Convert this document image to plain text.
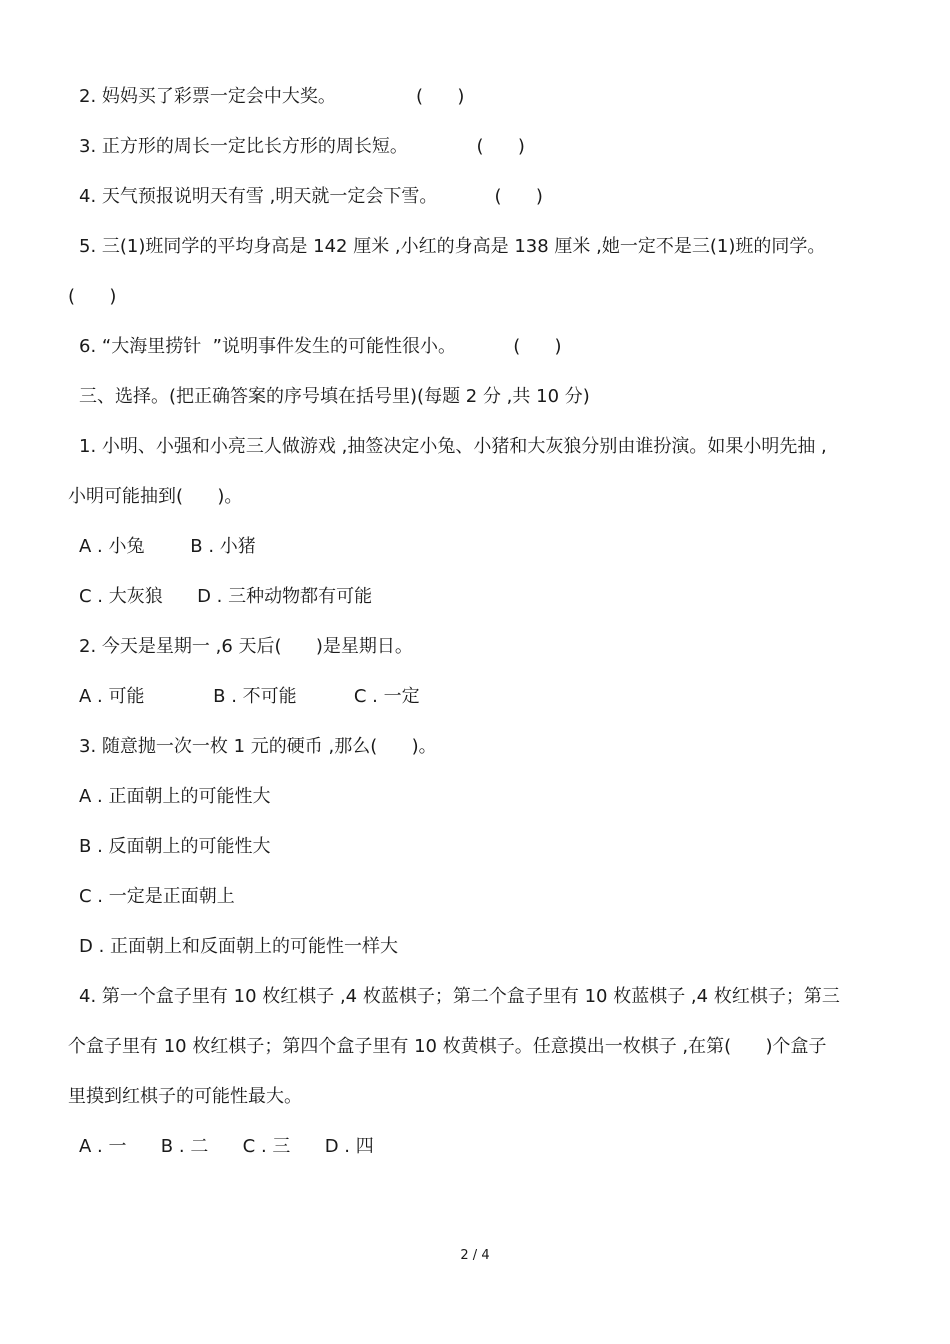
2. 妈妈买了彩票一定会中大奖。              (      )
3. 正方形的周长一定比长方形的周长短。            (      )
4. 天气预报说明天有雪 ,明天就一定会下雪。          (      )
5. 三(1)班同学的平均身高是 142 厘米 ,小红的身高是 138 厘米 ,她一定不是三(1)班的同学。
(      )
6. “大海里捞针  ”说明事件发生的可能性很小。          (      )
三、选择。(把正确答案的序号填在括号里)(每题 2 分 ,共 10 分)
1. 小明、小强和小亮三人做游戏 ,抽签决定小兔、小猪和大灰狼分别由谁扮演。如果小明先抽 ,
小明可能抽到(      )。
A . 小兔        B . 小猪
C . 大灰狼      D . 三种动物都有可能
2. 今天是星期一 ,6 天后(      )是星期日。
A . 可能            B . 不可能          C . 一定
3. 随意抛一次一枚 1 元的硬币 ,那么(      )。
A . 正面朝上的可能性大
B . 反面朝上的可能性大
C . 一定是正面朝上
D . 正面朝上和反面朝上的可能性一样大
4. 第一个盒子里有 10 枚红棋子 ,4 枚蓝棋子；第二个盒子里有 10 枚蓝棋子 ,4 枚红棋子；第三
个盒子里有 10 枚红棋子；第四个盒子里有 10 枚黄棋子。任意摸出一枚棋子 ,在第(      )个盒子
里摸到红棋子的可能性最大。
A . 一      B . 二      C . 三      D . 四
2 / 4
